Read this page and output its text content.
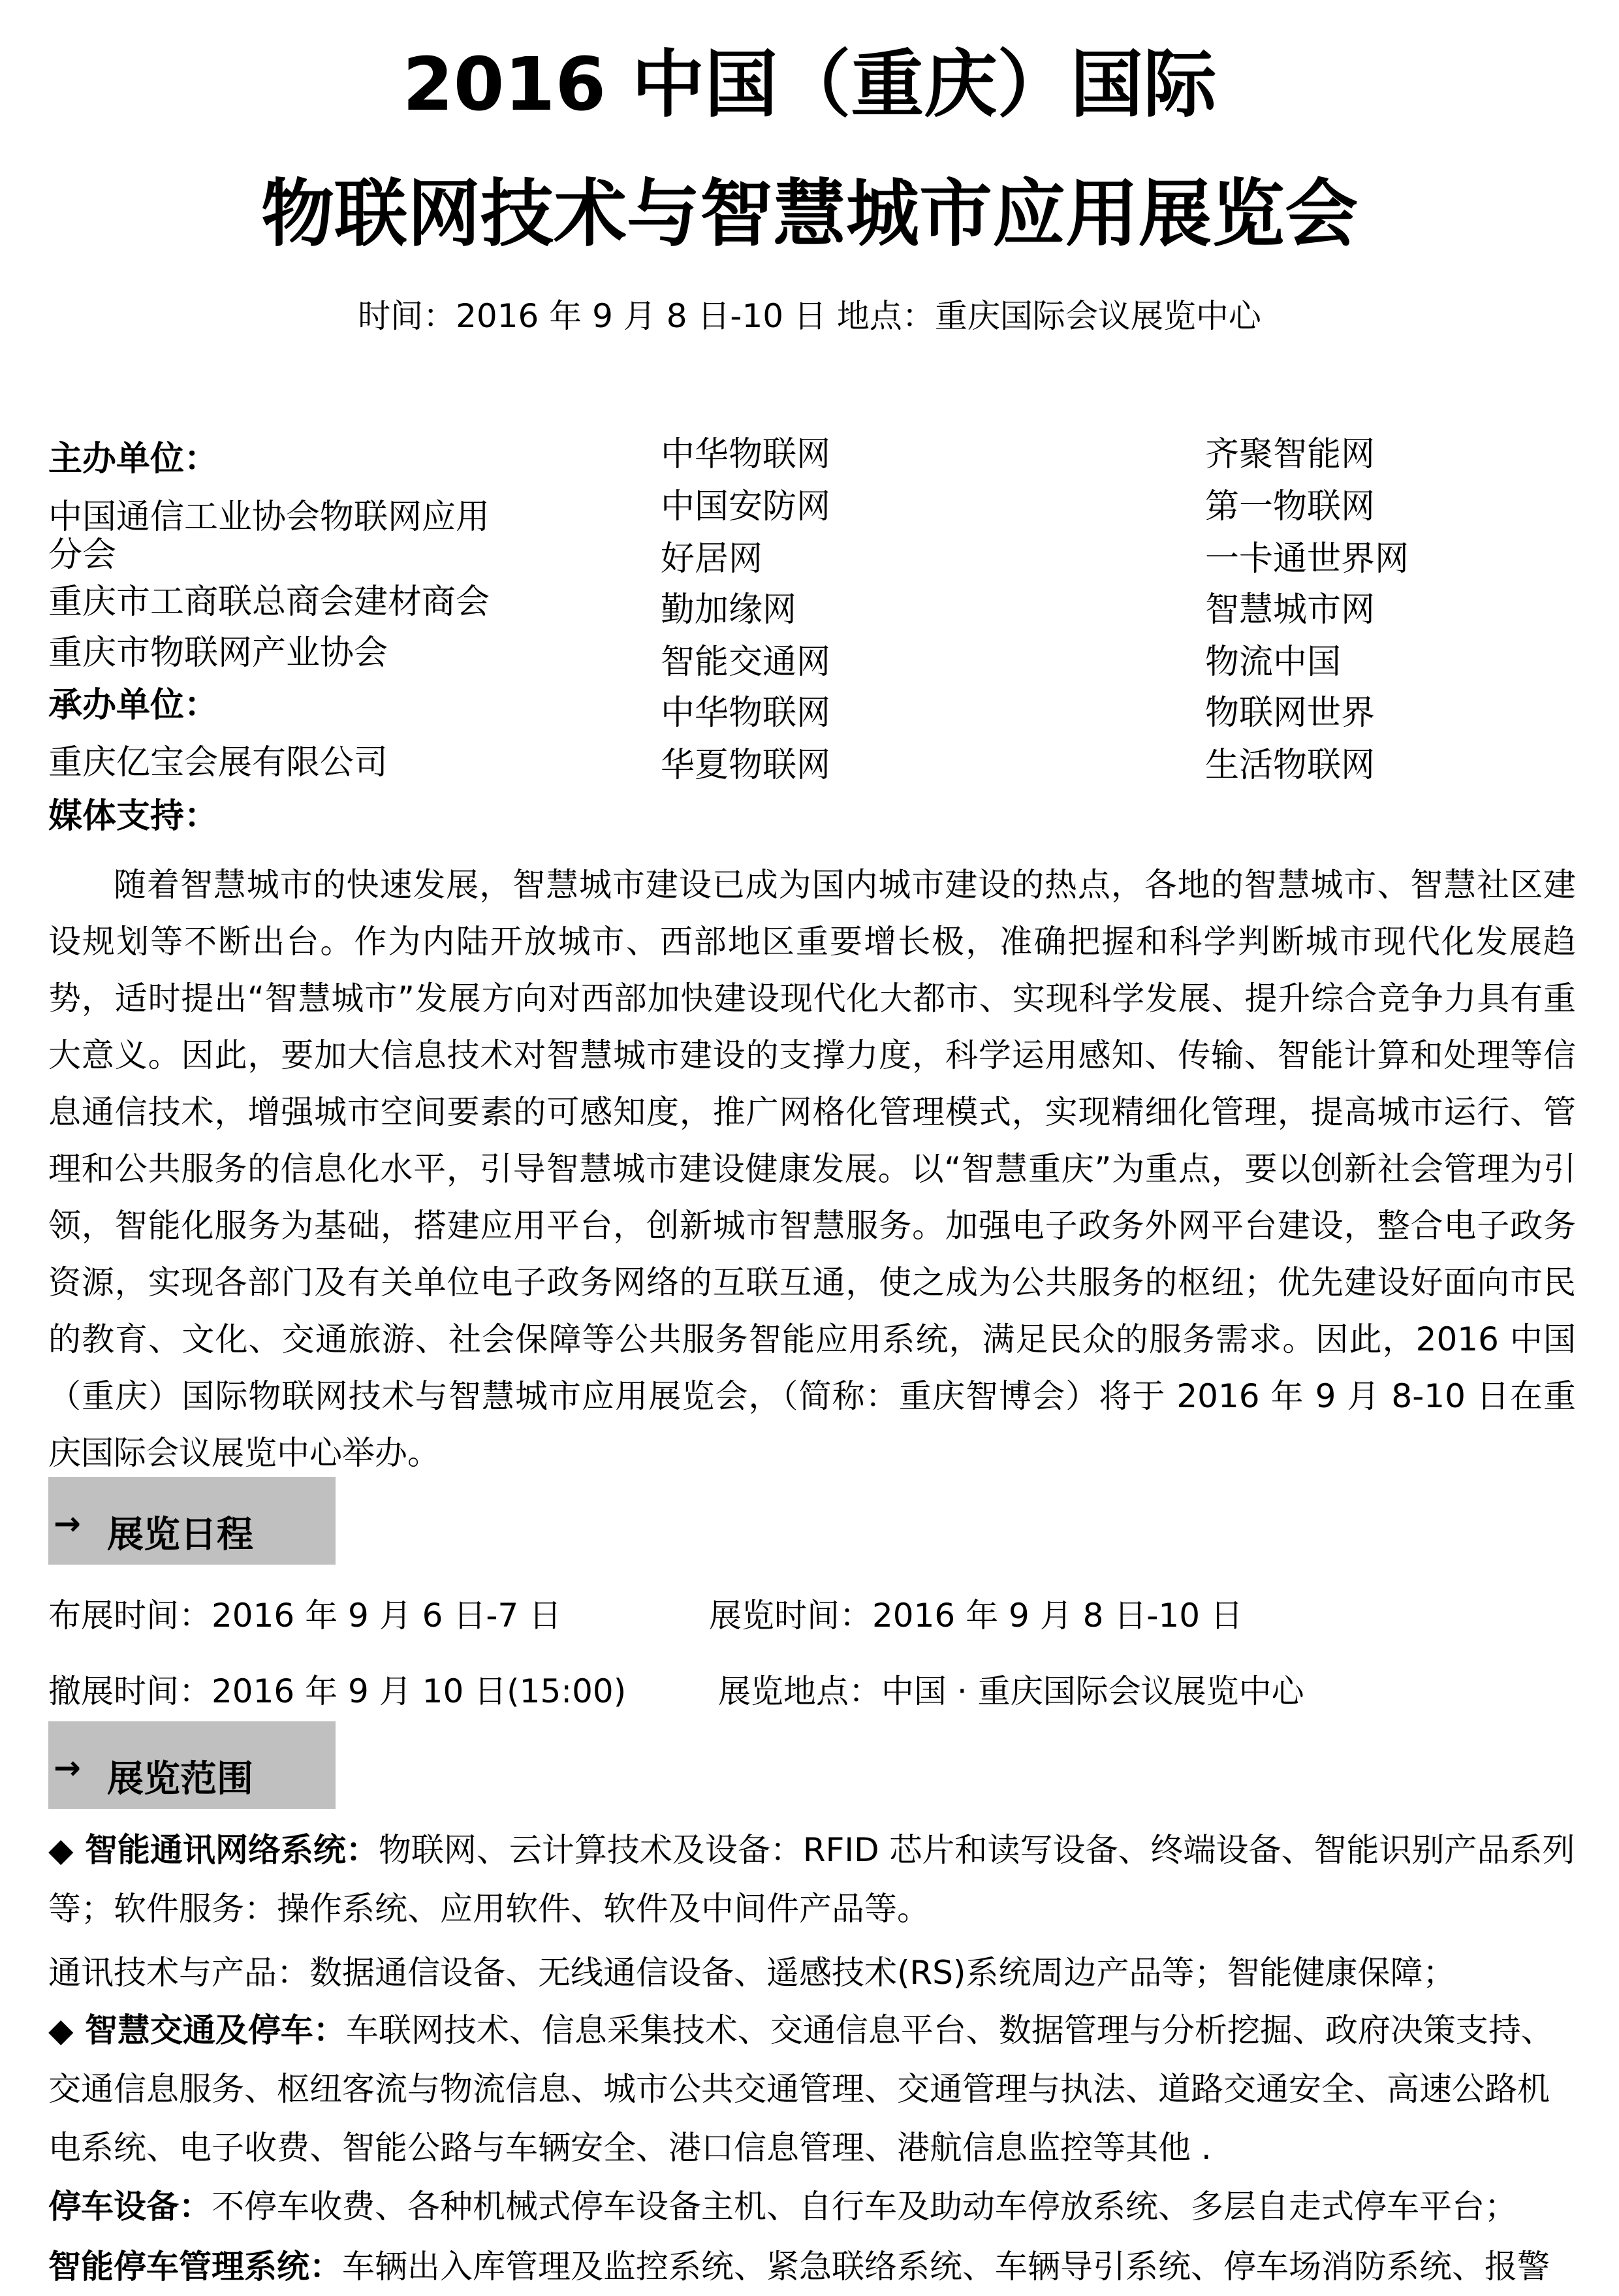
2016 中国（重庆）国际
物联网技术与智慧城市应用展览会
时间：2016 年 9 月 8 日-10 日 地点：重庆国际会议展览中心
主办单位：
中国通信工业协会物联网应用
分会
重庆市工商联总商会建材商会
重庆市物联网产业协会
承办单位：
重庆亿宝会展有限公司
媒体支持：
中华物联网
中国安防网
好居网
勤加缘网
智能交通网
中华物联网
华夏物联网
齐聚智能网
第一物联网
一卡通世界网
智慧城市网
物流中国
物联网世界
生活物联网
随着智慧城市的快速发展，智慧城市建设已成为国内城市建设的热点，各地的智慧城市、智慧社区建设规划等不断出台。作为内陆开放城市、西部地区重要增长极，准确把握和科学判断城市现代化发展趋势，适时提出“智慧城市”发展方向对西部加快建设现代化大都市、实现科学发展、提升综合竞争力具有重大意义。因此，要加大信息技术对智慧城市建设的支撑力度，科学运用感知、传输、智能计算和处理等信息通信技术，增强城市空间要素的可感知度，推广网格化管理模式，实现精细化管理，提高城市运行、管理和公共服务的信息化水平，引导智慧城市建设健康发展。以“智慧重庆”为重点，要以创新社会管理为引领，智能化服务为基础，搭建应用平台，创新城市智慧服务。加强电子政务外网平台建设，整合电子政务资源，实现各部门及有关单位电子政务网络的互联互通，使之成为公共服务的枢纽；优先建设好面向市民的教育、文化、交通旅游、社会保障等公共服务智能应用系统，满足民众的服务需求。因此，2016 中国（重庆）国际物联网技术与智慧城市应用展览会，（简称：重庆智博会）将于 2016 年 9 月 8-10 日在重庆国际会议展览中心举办。
→ 展览日程
布展时间：2016 年 9 月 6 日-7 日	展览时间：2016 年 9 月 8 日-10 日
撤展时间：2016 年 9 月 10 日(15:00)	展览地点：中国 · 重庆国际会议展览中心
→ 展览范围
◆ 智能通讯网络系统：物联网、云计算技术及设备：RFID 芯片和读写设备、终端设备、智能识别产品系列等；软件服务：操作系统、应用软件、软件及中间件产品等。
通讯技术与产品：数据通信设备、无线通信设备、遥感技术(RS)系统周边产品等；智能健康保障；
◆ 智慧交通及停车：车联网技术、信息采集技术、交通信息平台、数据管理与分析挖掘、政府决策支持、交通信息服务、枢纽客流与物流信息、城市公共交通管理、交通管理与执法、道路交通安全、高速公路机电系统、电子收费、智能公路与车辆安全、港口信息管理、港航信息监控等其他 .
停车设备：不停车收费、各种机械式停车设备主机、自行车及助动车停放系统、多层自走式停车平台；
智能停车管理系统：车辆出入库管理及监控系统、紧急联络系统、车辆导引系统、停车场消防系统、报警
